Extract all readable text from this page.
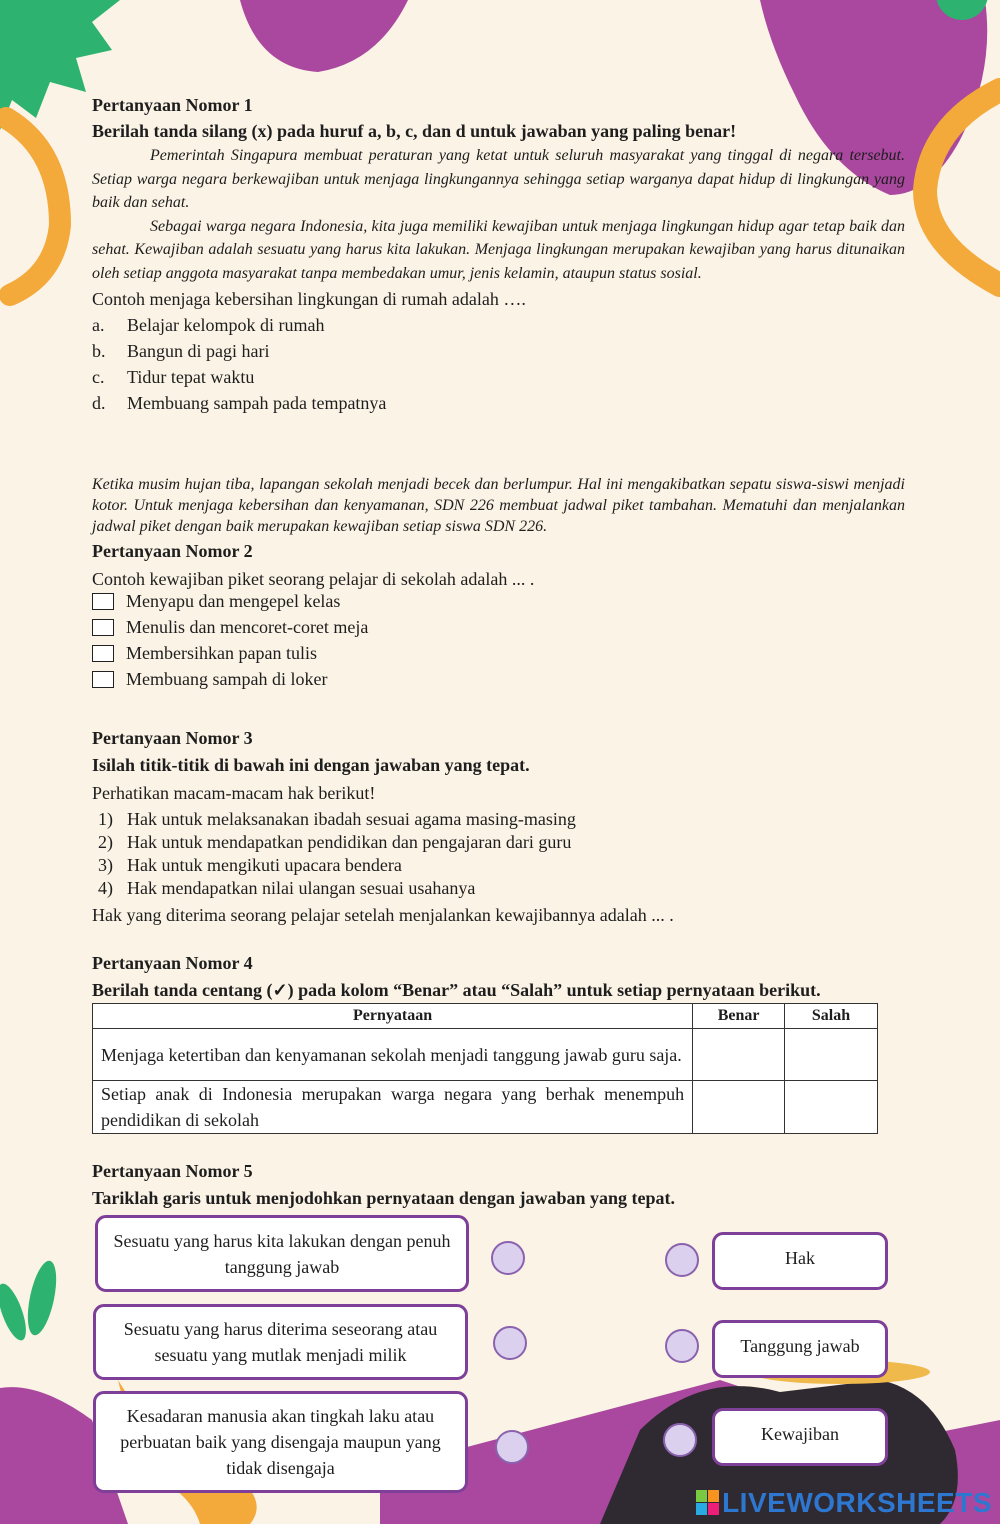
Pertanyaan Nomor 1
Berilah tanda silang (x) pada huruf a, b, c, dan d untuk jawaban yang paling benar!
Pemerintah Singapura membuat peraturan yang ketat untuk seluruh masyarakat yang tinggal di negara tersebut. Setiap warga negara berkewajiban untuk menjaga lingkungannya sehingga setiap warganya dapat hidup di lingkungan yang baik dan sehat.
Sebagai warga negara Indonesia, kita juga memiliki kewajiban untuk menjaga lingkungan hidup agar tetap baik dan sehat. Kewajiban adalah sesuatu yang harus kita lakukan. Menjaga lingkungan merupakan kewajiban yang harus ditunaikan oleh setiap anggota masyarakat tanpa membedakan umur, jenis kelamin, ataupun status sosial.
Contoh menjaga kebersihan lingkungan di rumah adalah ….
a.	Belajar kelompok di rumah
b.	Bangun di pagi hari
c.	Tidur tepat waktu
d.	Membuang sampah pada tempatnya
Ketika musim hujan tiba, lapangan sekolah menjadi becek dan berlumpur. Hal ini mengakibatkan sepatu siswa-siswi menjadi kotor. Untuk menjaga kebersihan dan kenyamanan, SDN 226 membuat jadwal piket tambahan. Mematuhi dan menjalankan jadwal piket dengan baik merupakan kewajiban setiap siswa SDN 226.
Pertanyaan Nomor 2
Contoh kewajiban piket seorang pelajar di sekolah adalah ... .
Menyapu dan mengepel kelas
Menulis dan mencoret-coret meja
Membersihkan papan tulis
Membuang sampah di loker
Pertanyaan Nomor 3
Isilah titik-titik di bawah ini dengan jawaban yang tepat.
Perhatikan macam-macam hak berikut!
1) Hak untuk melaksanakan ibadah sesuai agama masing-masing
2) Hak untuk mendapatkan pendidikan dan pengajaran dari guru
3) Hak untuk mengikuti upacara bendera
4) Hak mendapatkan nilai ulangan sesuai usahanya
Hak yang diterima seorang pelajar setelah menjalankan kewajibannya adalah ... .
Pertanyaan Nomor 4
Berilah tanda centang (✓) pada kolom “Benar” atau “Salah” untuk setiap pernyataan berikut.
Pernyataan	Benar	Salah
Menjaga ketertiban dan kenyamanan sekolah menjadi tanggung jawab guru saja.		
Setiap anak di Indonesia merupakan warga negara yang berhak menempuh pendidikan di sekolah		
Pertanyaan Nomor 5
Tariklah garis untuk menjodohkan pernyataan dengan jawaban yang tepat.
Sesuatu yang harus kita lakukan dengan penuh tanggung jawab
Sesuatu yang harus diterima seseorang atau sesuatu yang mutlak menjadi milik
Kesadaran manusia akan tingkah laku atau perbuatan baik yang disengaja maupun yang tidak disengaja
Hak
Tanggung jawab
Kewajiban
LIVEWORKSHEETS
